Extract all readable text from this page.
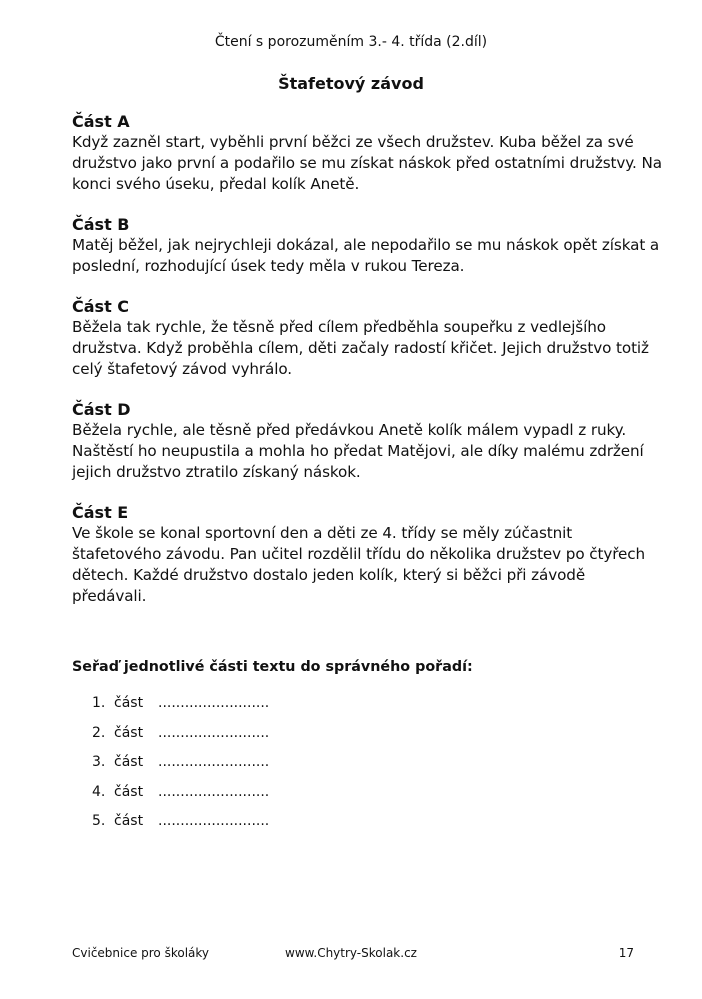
Čtení s porozuměním 3.- 4. třída (2.díl)
Štafetový závod
Část A
Když zazněl start, vyběhli první běžci ze všech družstev. Kuba běžel za své družstvo jako první a podařilo se mu získat náskok před ostatními družstvy. Na konci svého úseku, předal kolík Anetě.
Část B
Matěj běžel, jak nejrychleji dokázal, ale nepodařilo se mu náskok opět získat a poslední, rozhodující úsek tedy měla v rukou Tereza.
Část C
Běžela tak rychle, že těsně před cílem předběhla soupeřku z vedlejšího družstva. Když proběhla cílem, děti začaly radostí křičet. Jejich družstvo totiž celý štafetový závod vyhrálo.
Část D
Běžela rychle, ale těsně před předávkou Anetě kolík málem vypadl z ruky. Naštěstí ho neupustila a mohla ho předat Matějovi, ale díky malému zdržení jejich družstvo ztratilo získaný náskok.
Část E
Ve škole se konal sportovní den a děti ze 4. třídy se měly zúčastnit štafetového závodu. Pan učitel rozdělil třídu do několika družstev po čtyřech dětech. Každé družstvo dostalo jeden kolík, který si běžci při závodě předávali.
Seřaď jednotlivé části textu do správného pořadí:
1. část .........................
2. část .........................
3. část .........................
4. část .........................
5. část .........................
Cvičebnice pro školáky	www.Chytry-Skolak.cz	17
